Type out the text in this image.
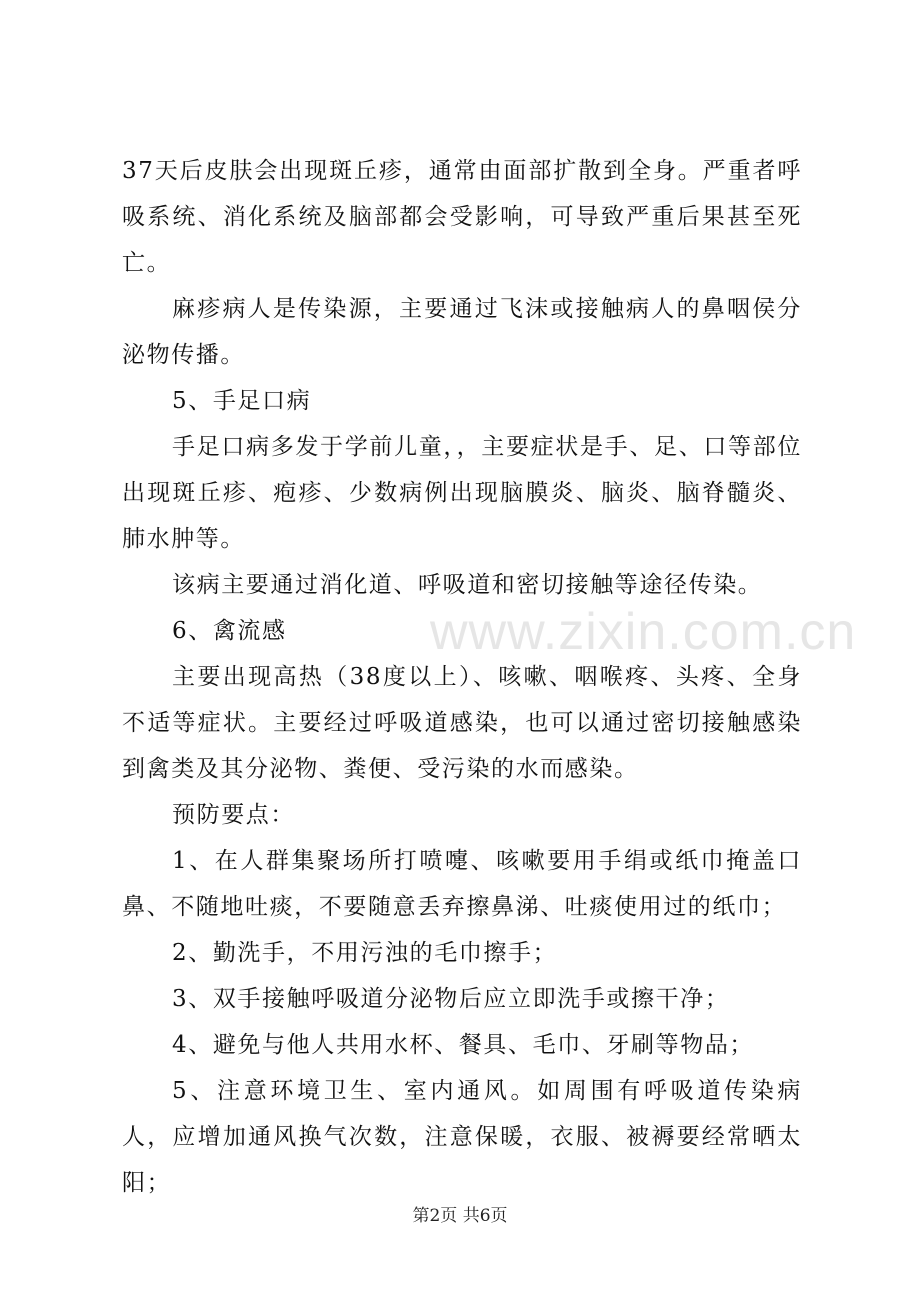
www.zixin.com.cn

37天后皮肤会出现斑丘疹，通常由面部扩散到全身。严重者呼吸系统、消化系统及脑部都会受影响，可导致严重后果甚至死亡。

麻疹病人是传染源，主要通过飞沫或接触病人的鼻咽侯分泌物传播。

5、手足口病

手足口病多发于学前儿童，，主要症状是手、足、口等部位出现斑丘疹、疱疹、少数病例出现脑膜炎、脑炎、脑脊髓炎、肺水肿等。

该病主要通过消化道、呼吸道和密切接触等途径传染。

6、禽流感

主要出现高热（38度以上）、咳嗽、咽喉疼、头疼、全身不适等症状。主要经过呼吸道感染，也可以通过密切接触感染到禽类及其分泌物、粪便、受污染的水而感染。

预防要点：

1、在人群集聚场所打喷嚏、咳嗽要用手绢或纸巾掩盖口鼻、不随地吐痰，不要随意丢弃擦鼻涕、吐痰使用过的纸巾；

2、勤洗手，不用污浊的毛巾擦手；

3、双手接触呼吸道分泌物后应立即洗手或擦干净；

4、避免与他人共用水杯、餐具、毛巾、牙刷等物品；

5、注意环境卫生、室内通风。如周围有呼吸道传染病人，应增加通风换气次数，注意保暖，衣服、被褥要经常晒太阳；

第2页 共6页
